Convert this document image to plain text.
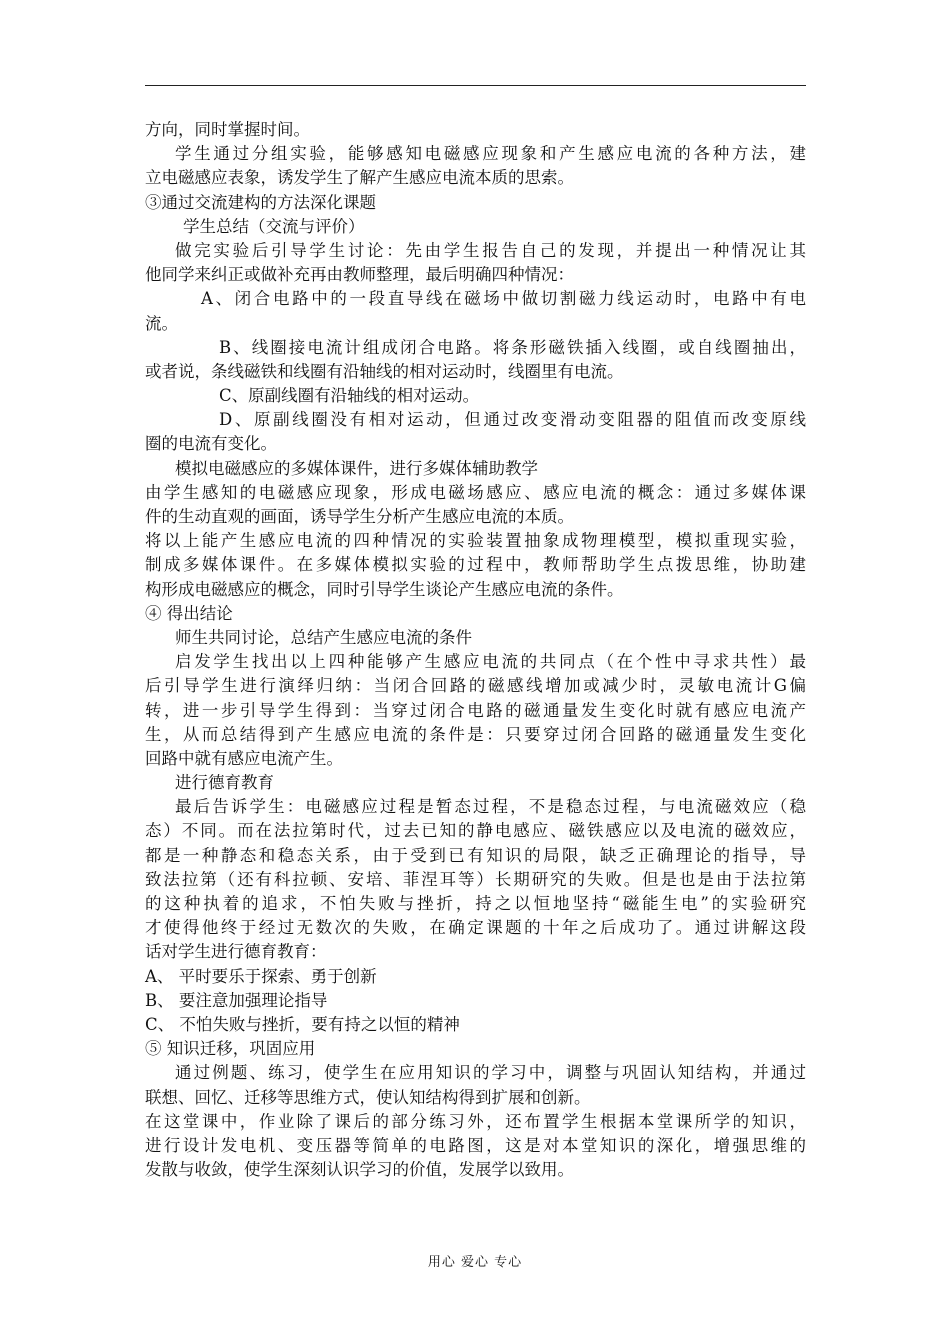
方向，同时掌握时间。
学生通过分组实验，能够感知电磁感应现象和产生感应电流的各种方法，建
立电磁感应表象，诱发学生了解产生感应电流本质的思索。
③通过交流建构的方法深化课题
学生总结（交流与评价）
做完实验后引导学生讨论：先由学生报告自己的发现，并提出一种情况让其
他同学来纠正或做补充再由教师整理，最后明确四种情况：
A、闭合电路中的一段直导线在磁场中做切割磁力线运动时，电路中有电
流。
B、线圈接电流计组成闭合电路。将条形磁铁插入线圈，或自线圈抽出，
或者说，条线磁铁和线圈有沿轴线的相对运动时，线圈里有电流。
C、原副线圈有沿轴线的相对运动。
D、原副线圈没有相对运动，但通过改变滑动变阻器的阻值而改变原线
圈的电流有变化。
模拟电磁感应的多媒体课件，进行多媒体辅助教学
由学生感知的电磁感应现象，形成电磁场感应、感应电流的概念：通过多媒体课
件的生动直观的画面，诱导学生分析产生感应电流的本质。
将以上能产生感应电流的四种情况的实验装置抽象成物理模型，模拟重现实验，
制成多媒体课件。在多媒体模拟实验的过程中，教师帮助学生点拨思维，协助建
构形成电磁感应的概念，同时引导学生谈论产生感应电流的条件。
④ 得出结论
师生共同讨论，总结产生感应电流的条件
启发学生找出以上四种能够产生感应电流的共同点（在个性中寻求共性）最
后引导学生进行演绎归纳：当闭合回路的磁感线增加或减少时，灵敏电流计G偏
转，进一步引导学生得到：当穿过闭合电路的磁通量发生变化时就有感应电流产
生，从而总结得到产生感应电流的条件是：只要穿过闭合回路的磁通量发生变化
回路中就有感应电流产生。
进行德育教育
最后告诉学生：电磁感应过程是暂态过程，不是稳态过程，与电流磁效应（稳
态）不同。而在法拉第时代，过去已知的静电感应、磁铁感应以及电流的磁效应，
都是一种静态和稳态关系，由于受到已有知识的局限，缺乏正确理论的指导，导
致法拉第（还有科拉顿、安培、菲涅耳等）长期研究的失败。但是也是由于法拉第
的这种执着的追求，不怕失败与挫折，持之以恒地坚持“磁能生电”的实验研究
才使得他终于经过无数次的失败，在确定课题的十年之后成功了。通过讲解这段
话对学生进行德育教育：
A、 平时要乐于探索、勇于创新
B、 要注意加强理论指导
C、 不怕失败与挫折，要有持之以恒的精神
⑤ 知识迁移，巩固应用
通过例题、练习，使学生在应用知识的学习中，调整与巩固认知结构，并通过
联想、回忆、迁移等思维方式，使认知结构得到扩展和创新。
在这堂课中，作业除了课后的部分练习外，还布置学生根据本堂课所学的知识，
进行设计发电机、变压器等简单的电路图，这是对本堂知识的深化，增强思维的
发散与收敛，使学生深刻认识学习的价值，发展学以致用。
用心 爱心 专心
